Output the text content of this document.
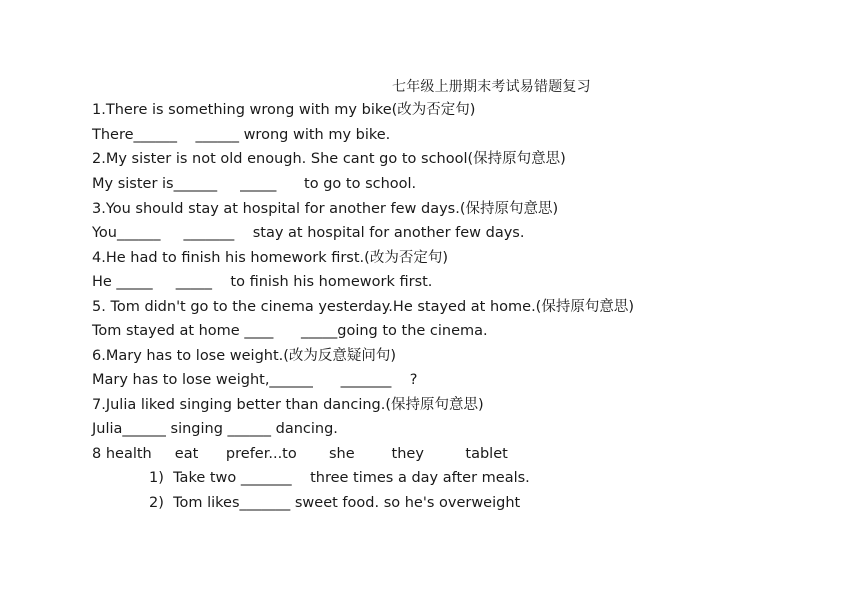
七年级上册期末考试易错题复习
1.There is something wrong with my bike(改为否定句)
There______    ______ wrong with my bike.
2.My sister is not old enough. She cant go to school(保持原句意思)
My sister is______     _____      to go to school.
3.You should stay at hospital for another few days.(保持原句意思)
You______     _______    stay at hospital for another few days.
4.He had to finish his homework first.(改为否定句)
He _____     _____    to finish his homework first.
5. Tom didn't go to the cinema yesterday.He stayed at home.(保持原句意思)
Tom stayed at home ____      _____going to the cinema.
6.Mary has to lose weight.(改为反意疑问句)
Mary has to lose weight,______      _______    ?
7.Julia liked singing better than dancing.(保持原句意思)
Julia______ singing ______ dancing.
8 health     eat      prefer...to       she        they         tablet
1)  Take two _______    three times a day after meals.
2)  Tom likes_______ sweet food. so he's overweight
